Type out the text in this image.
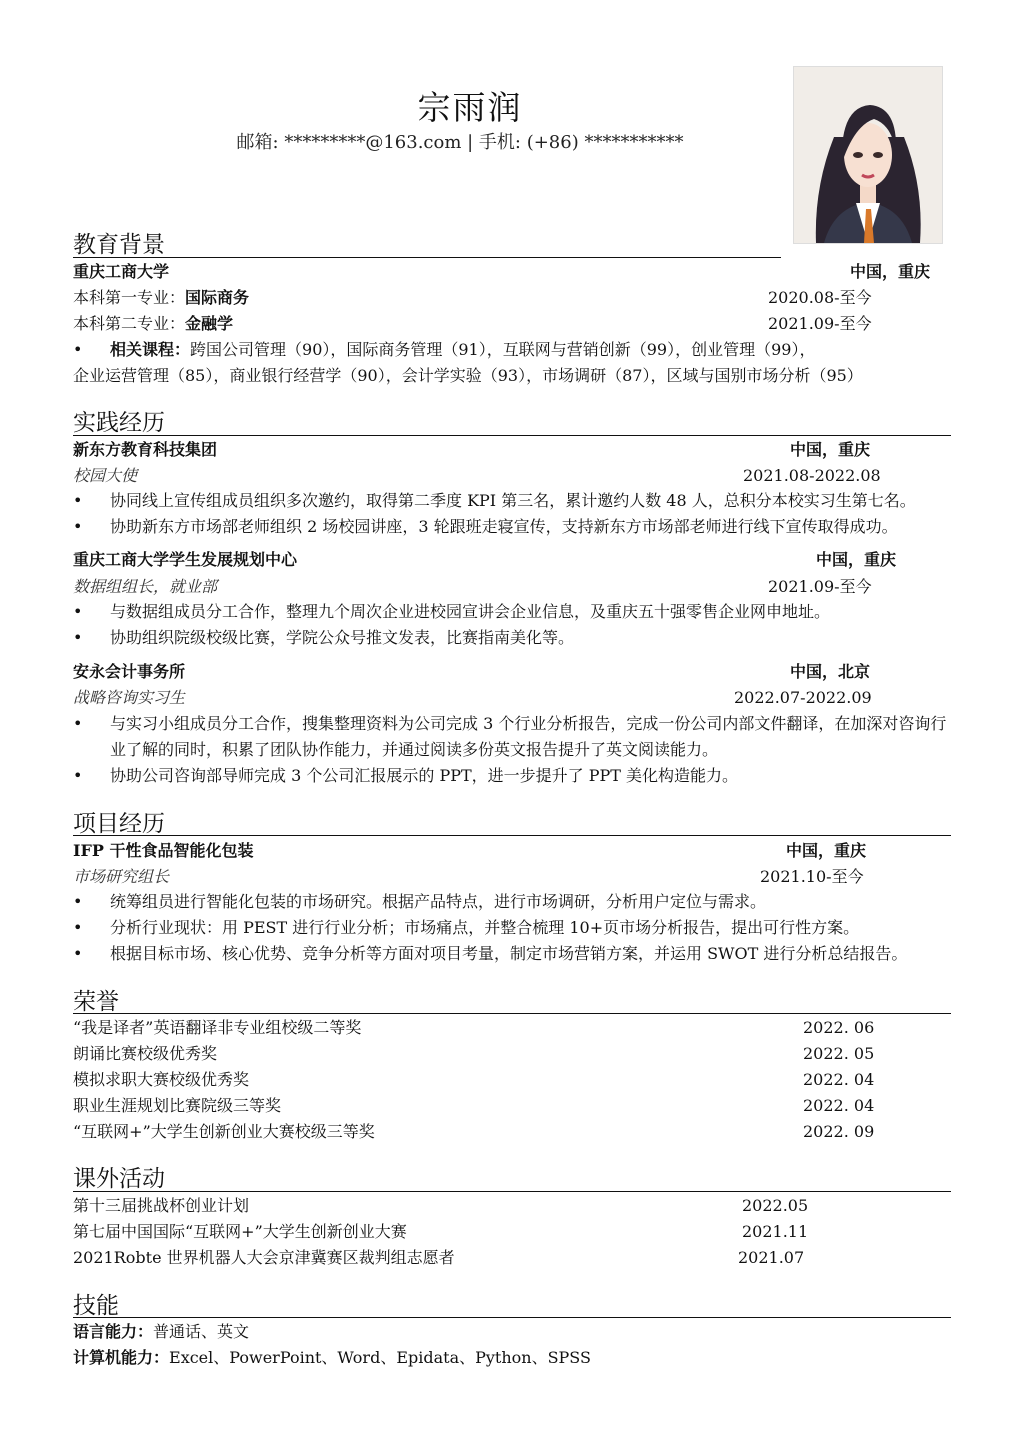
宗雨润
邮箱: *********@163.com | 手机: (+86) ***********
教育背景
重庆工商大学	中国，重庆
本科第一专业：国际商务	2020.08-至今
本科第二专业：金融学	2021.09-至今
• 相关课程：跨国公司管理（90），国际商务管理（91），互联网与营销创新（99），创业管理（99），
企业运营管理（85），商业银行经营学（90），会计学实验（93），市场调研（87），区域与国别市场分析（95）
实践经历
新东方教育科技集团	中国，重庆
校园大使	2021.08-2022.08
• 协同线上宣传组成员组织多次邀约，取得第二季度 KPI 第三名，累计邀约人数 48 人，总积分本校实习生第七名。
• 协助新东方市场部老师组织 2 场校园讲座，3 轮跟班走寝宣传，支持新东方市场部老师进行线下宣传取得成功。
重庆工商大学学生发展规划中心	中国，重庆
数据组组长，就业部	2021.09-至今
• 与数据组成员分工合作，整理九个周次企业进校园宣讲会企业信息，及重庆五十强零售企业网申地址。
• 协助组织院级校级比赛，学院公众号推文发表，比赛指南美化等。
安永会计事务所	中国，北京
战略咨询实习生	2022.07-2022.09
• 与实习小组成员分工合作，搜集整理资料为公司完成 3 个行业分析报告，完成一份公司内部文件翻译，在加深对咨询行业了解的同时，积累了团队协作能力，并通过阅读多份英文报告提升了英文阅读能力。
• 协助公司咨询部导师完成 3 个公司汇报展示的 PPT，进一步提升了 PPT 美化构造能力。
项目经历
IFP 干性食品智能化包装	中国，重庆
市场研究组长	2021.10-至今
• 统筹组员进行智能化包装的市场研究。根据产品特点，进行市场调研，分析用户定位与需求。
• 分析行业现状：用 PEST 进行行业分析；市场痛点，并整合梳理 10+页市场分析报告，提出可行性方案。
• 根据目标市场、核心优势、竞争分析等方面对项目考量，制定市场营销方案，并运用 SWOT 进行分析总结报告。
荣誉
“我是译者”英语翻译非专业组校级二等奖	2022. 06
朗诵比赛校级优秀奖	2022. 05
模拟求职大赛校级优秀奖	2022. 04
职业生涯规划比赛院级三等奖	2022. 04
“互联网+”大学生创新创业大赛校级三等奖	2022. 09
课外活动
第十三届挑战杯创业计划	2022.05
第七届中国国际“互联网+”大学生创新创业大赛	2021.11
2021Robte 世界机器人大会京津冀赛区裁判组志愿者	2021.07
技能
语言能力：普通话、英文
计算机能力：Excel、PowerPoint、Word、Epidata、Python、SPSS
